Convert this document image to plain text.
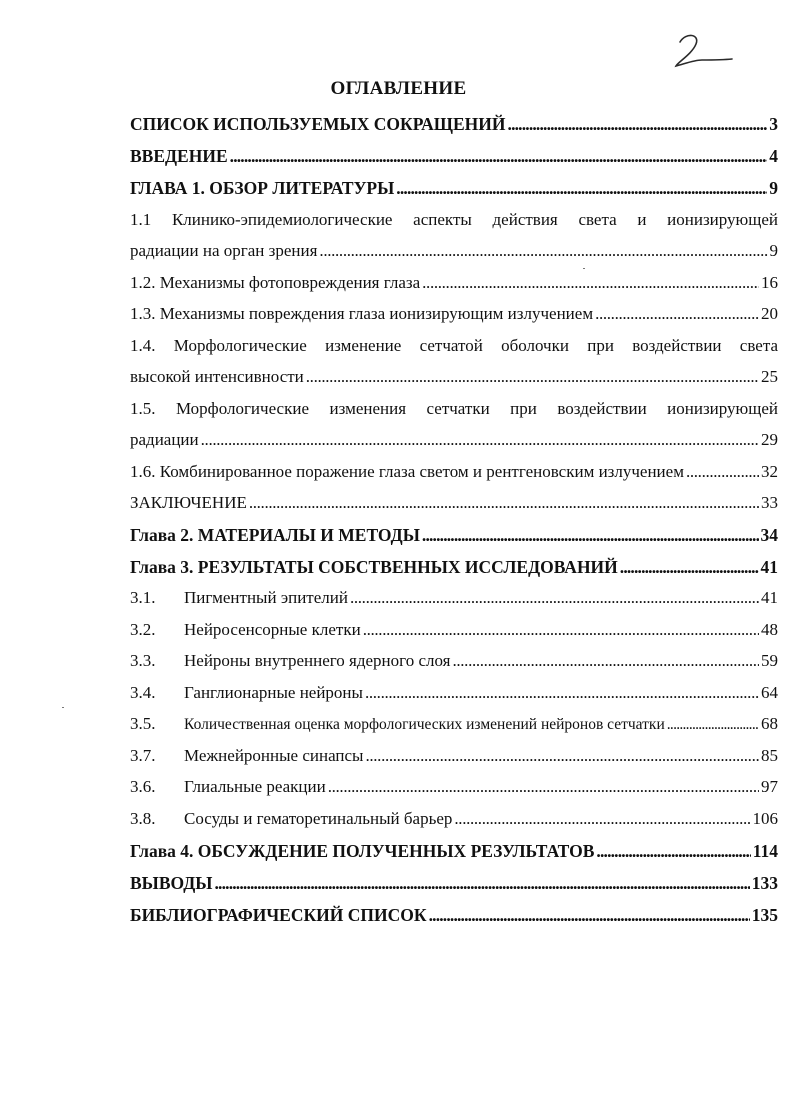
ОГЛАВЛЕНИЕ
СПИСОК ИСПОЛЬЗУЕМЫХ СОКРАЩЕНИЙ . . .	3
ВВЕДЕНИЕ . . .	4
ГЛАВА 1. ОБЗОР ЛИТЕРАТУРЫ . . .	9
1.1 Клинико-эпидемиологические аспекты действия света и ионизирующей
радиации на орган зрения . . .	9
1.2. Механизмы фотоповреждения глаза . . .	16
1.3. Механизмы повреждения глаза ионизирующим излучением . . .	20
1.4. Морфологические изменение сетчатой оболочки при воздействии света
высокой интенсивности . . .	25
1.5. Морфологические изменения сетчатки при воздействии ионизирующей
радиации . . .	29
1.6. Комбинированное поражение глаза светом и рентгеновским излучением . . .	32
ЗАКЛЮЧЕНИЕ . . .	33
Глава 2. МАТЕРИАЛЫ И МЕТОДЫ . . .	34
Глава 3. РЕЗУЛЬТАТЫ СОБСТВЕННЫХ ИССЛЕДОВАНИЙ . . .	41
3.1. Пигментный эпителий . . .	41
3.2. Нейросенсорные клетки . . .	48
3.3. Нейроны внутреннего ядерного слоя . . .	59
3.4. Ганглионарные нейроны . . .	64
3.5. Количественная оценка морфологических изменений нейронов сетчатки . . .	68
3.7. Межнейронные синапсы . . .	85
3.6. Глиальные реакции . . .	97
3.8. Сосуды и гематоретинальный барьер . . .	106
Глава 4. ОБСУЖДЕНИЕ ПОЛУЧЕННЫХ РЕЗУЛЬТАТОВ . . .	114
ВЫВОДЫ . . .	133
БИБЛИОГРАФИЧЕСКИЙ СПИСОК . . .	135
